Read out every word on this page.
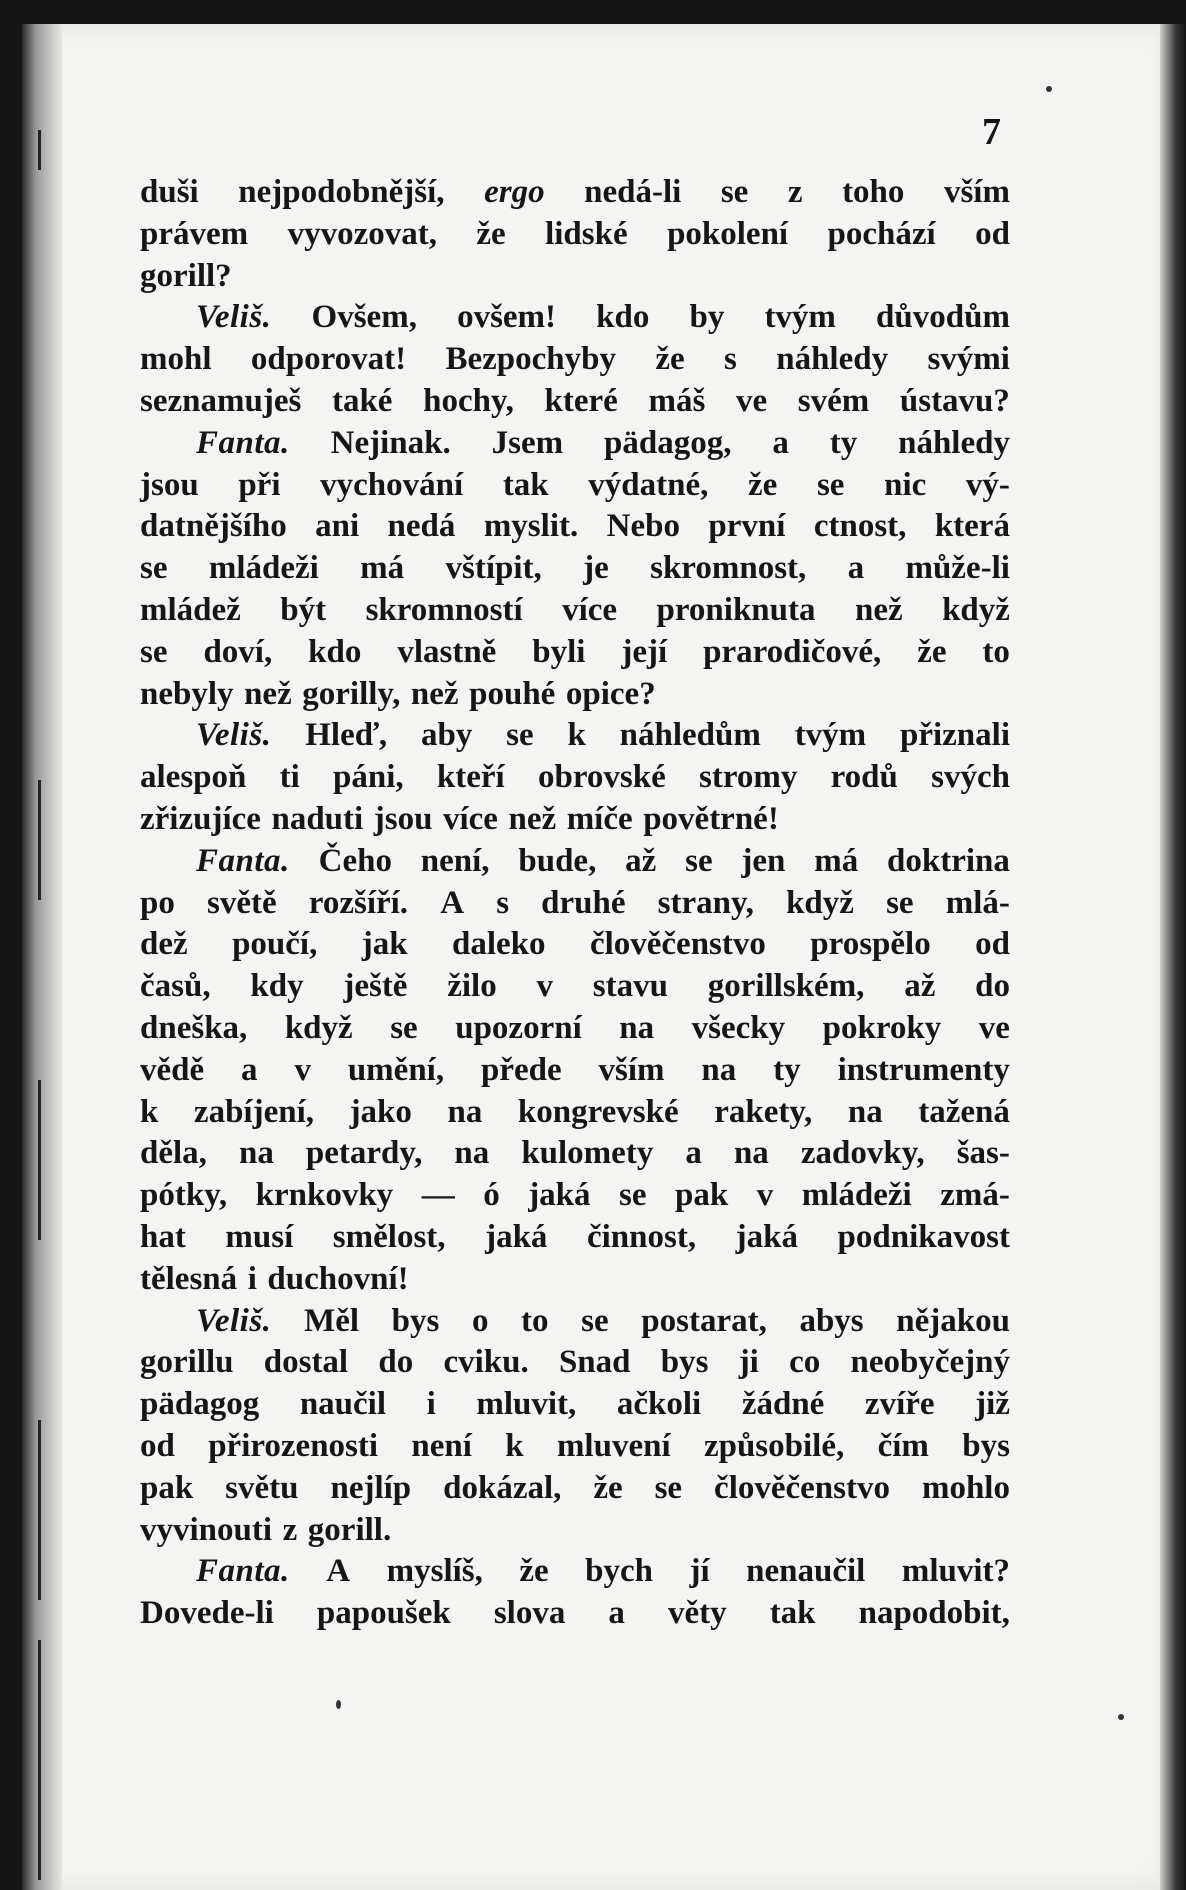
7
duši nejpodobnější, ergo nedá-li se z toho vším
právem vyvozovat, že lidské pokolení pochází od
gorill?
Veliš. Ovšem, ovšem! kdo by tvým důvodům
mohl odporovat! Bezpochyby že s náhledy svými
seznamuješ také hochy, které máš ve svém ústavu?
Fanta. Nejinak. Jsem pädagog, a ty náhledy
jsou při vychování tak výdatné, že se nic vý-
datnějšího ani nedá myslit. Nebo první ctnost, která
se mládeži má vštípit, je skromnost, a může-li
mládež být skromností více proniknuta než když
se doví, kdo vlastně byli její prarodičové, že to
nebyly než gorilly, než pouhé opice?
Veliš. Hleď, aby se k náhledům tvým přiznali
alespoň ti páni, kteří obrovské stromy rodů svých
zřizujíce naduti jsou více než míče povětrné!
Fanta. Čeho není, bude, až se jen má doktrina
po světě rozšíří. A s druhé strany, když se mlá-
dež poučí, jak daleko člověčenstvo prospělo od
časů, kdy ještě žilo v stavu gorillském, až do
dneška, když se upozorní na všecky pokroky ve
vědě a v umění, přede vším na ty instrumenty
k zabíjení, jako na kongrevské rakety, na tažená
děla, na petardy, na kulomety a na zadovky, šas-
pótky, krnkovky — ó jaká se pak v mládeži zmá-
hat musí smělost, jaká činnost, jaká podnikavost
tělesná i duchovní!
Veliš. Měl bys o to se postarat, abys nějakou
gorillu dostal do cviku. Snad bys ji co neobyčejný
pädagog naučil i mluvit, ačkoli žádné zvíře již
od přirozenosti není k mluvení způsobilé, čím bys
pak světu nejlíp dokázal, že se člověčenstvo mohlo
vyvinouti z gorill.
Fanta. A myslíš, že bych jí nenaučil mluvit?
Dovede-li papoušek slova a věty tak napodobit,
